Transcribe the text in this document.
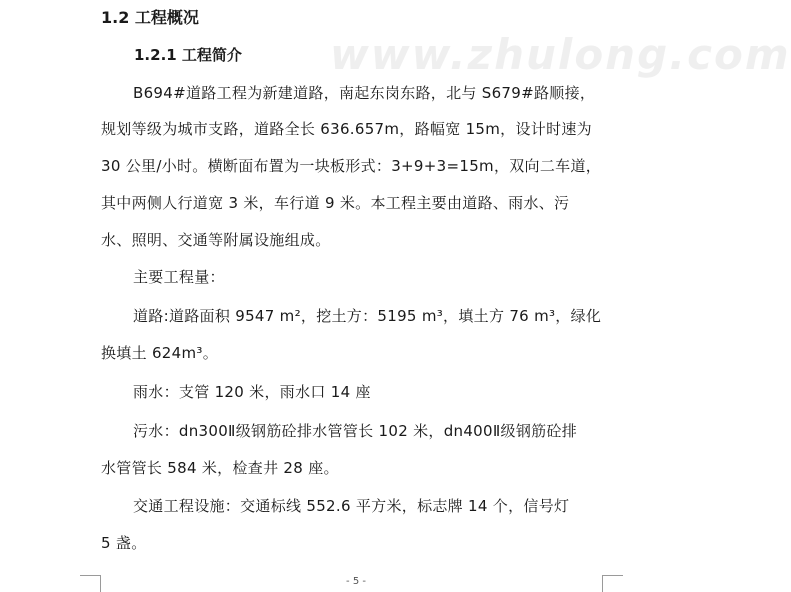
www.zhulong.com
1.2 工程概况
1.2.1 工程简介
B694#道路工程为新建道路，南起东岗东路，北与 S679#路顺接，
规划等级为城市支路，道路全长 636.657m，路幅宽 15m，设计时速为
30 公里/小时。横断面布置为一块板形式：3+9+3=15m，双向二车道，
其中两侧人行道宽 3 米，车行道 9 米。本工程主要由道路、雨水、污
水、照明、交通等附属设施组成。
主要工程量：
道路:道路面积 9547 m²，挖土方：5195 m³，填土方 76 m³，绿化
换填土 624m³。
雨水：支管 120 米，雨水口 14 座
污水：dn300Ⅱ级钢筋砼排水管管长 102 米，dn400Ⅱ级钢筋砼排
水管管长 584 米，检查井 28 座。
交通工程设施：交通标线 552.6 平方米，标志牌 14 个，信号灯
5 盏。
- 5 -
